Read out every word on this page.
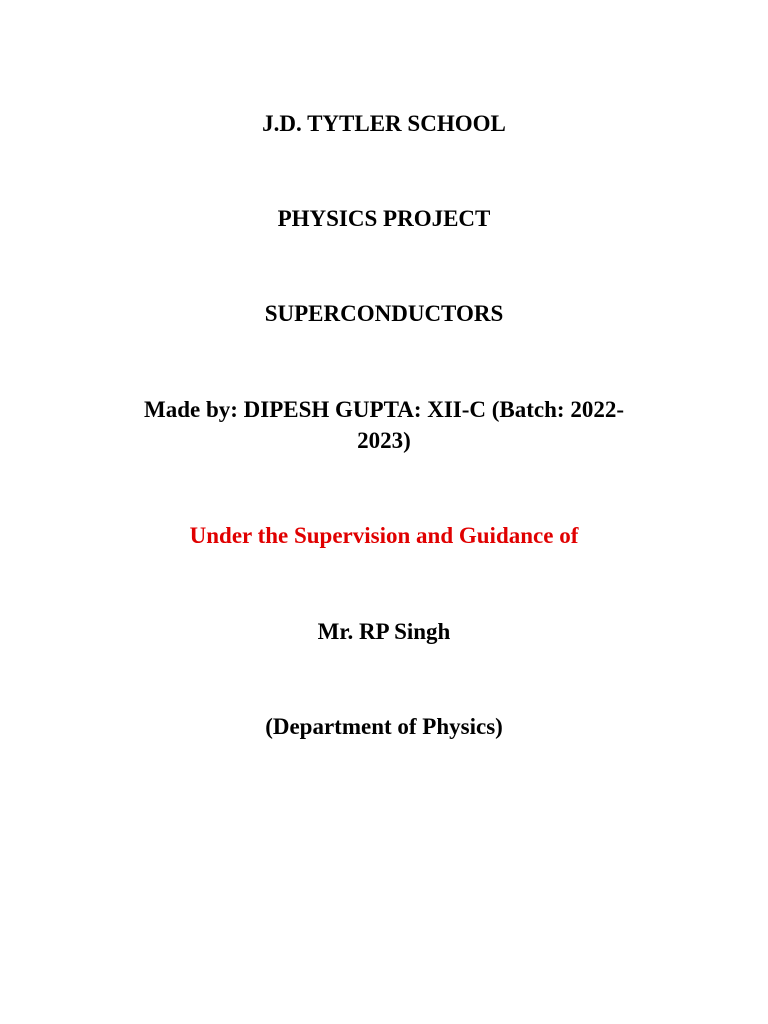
J.D. TYTLER SCHOOL
PHYSICS PROJECT
SUPERCONDUCTORS
Made by: DIPESH GUPTA: XII-C (Batch: 2022-
2023)
Under the Supervision and Guidance of
Mr. RP Singh
(Department of Physics)
